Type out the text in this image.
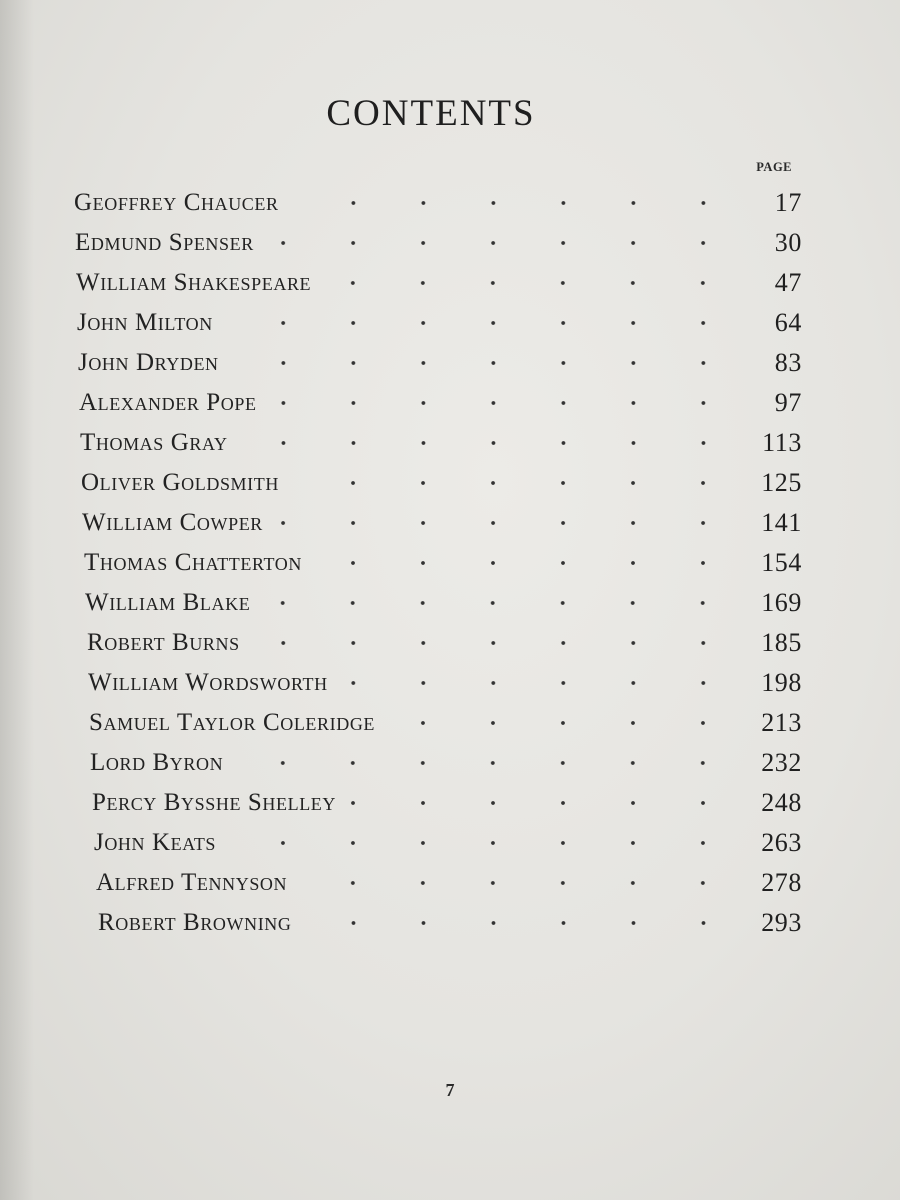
CONTENTS
PAGE
Geoffrey Chaucer	17
Edmund Spenser	30
William Shakespeare	47
John Milton	64
John Dryden	83
Alexander Pope	97
Thomas Gray	113
Oliver Goldsmith	125
William Cowper	141
Thomas Chatterton	154
William Blake	169
Robert Burns	185
William Wordsworth	198
Samuel Taylor Coleridge	213
Lord Byron	232
Percy Bysshe Shelley	248
John Keats	263
Alfred Tennyson	278
Robert Browning	293
7
